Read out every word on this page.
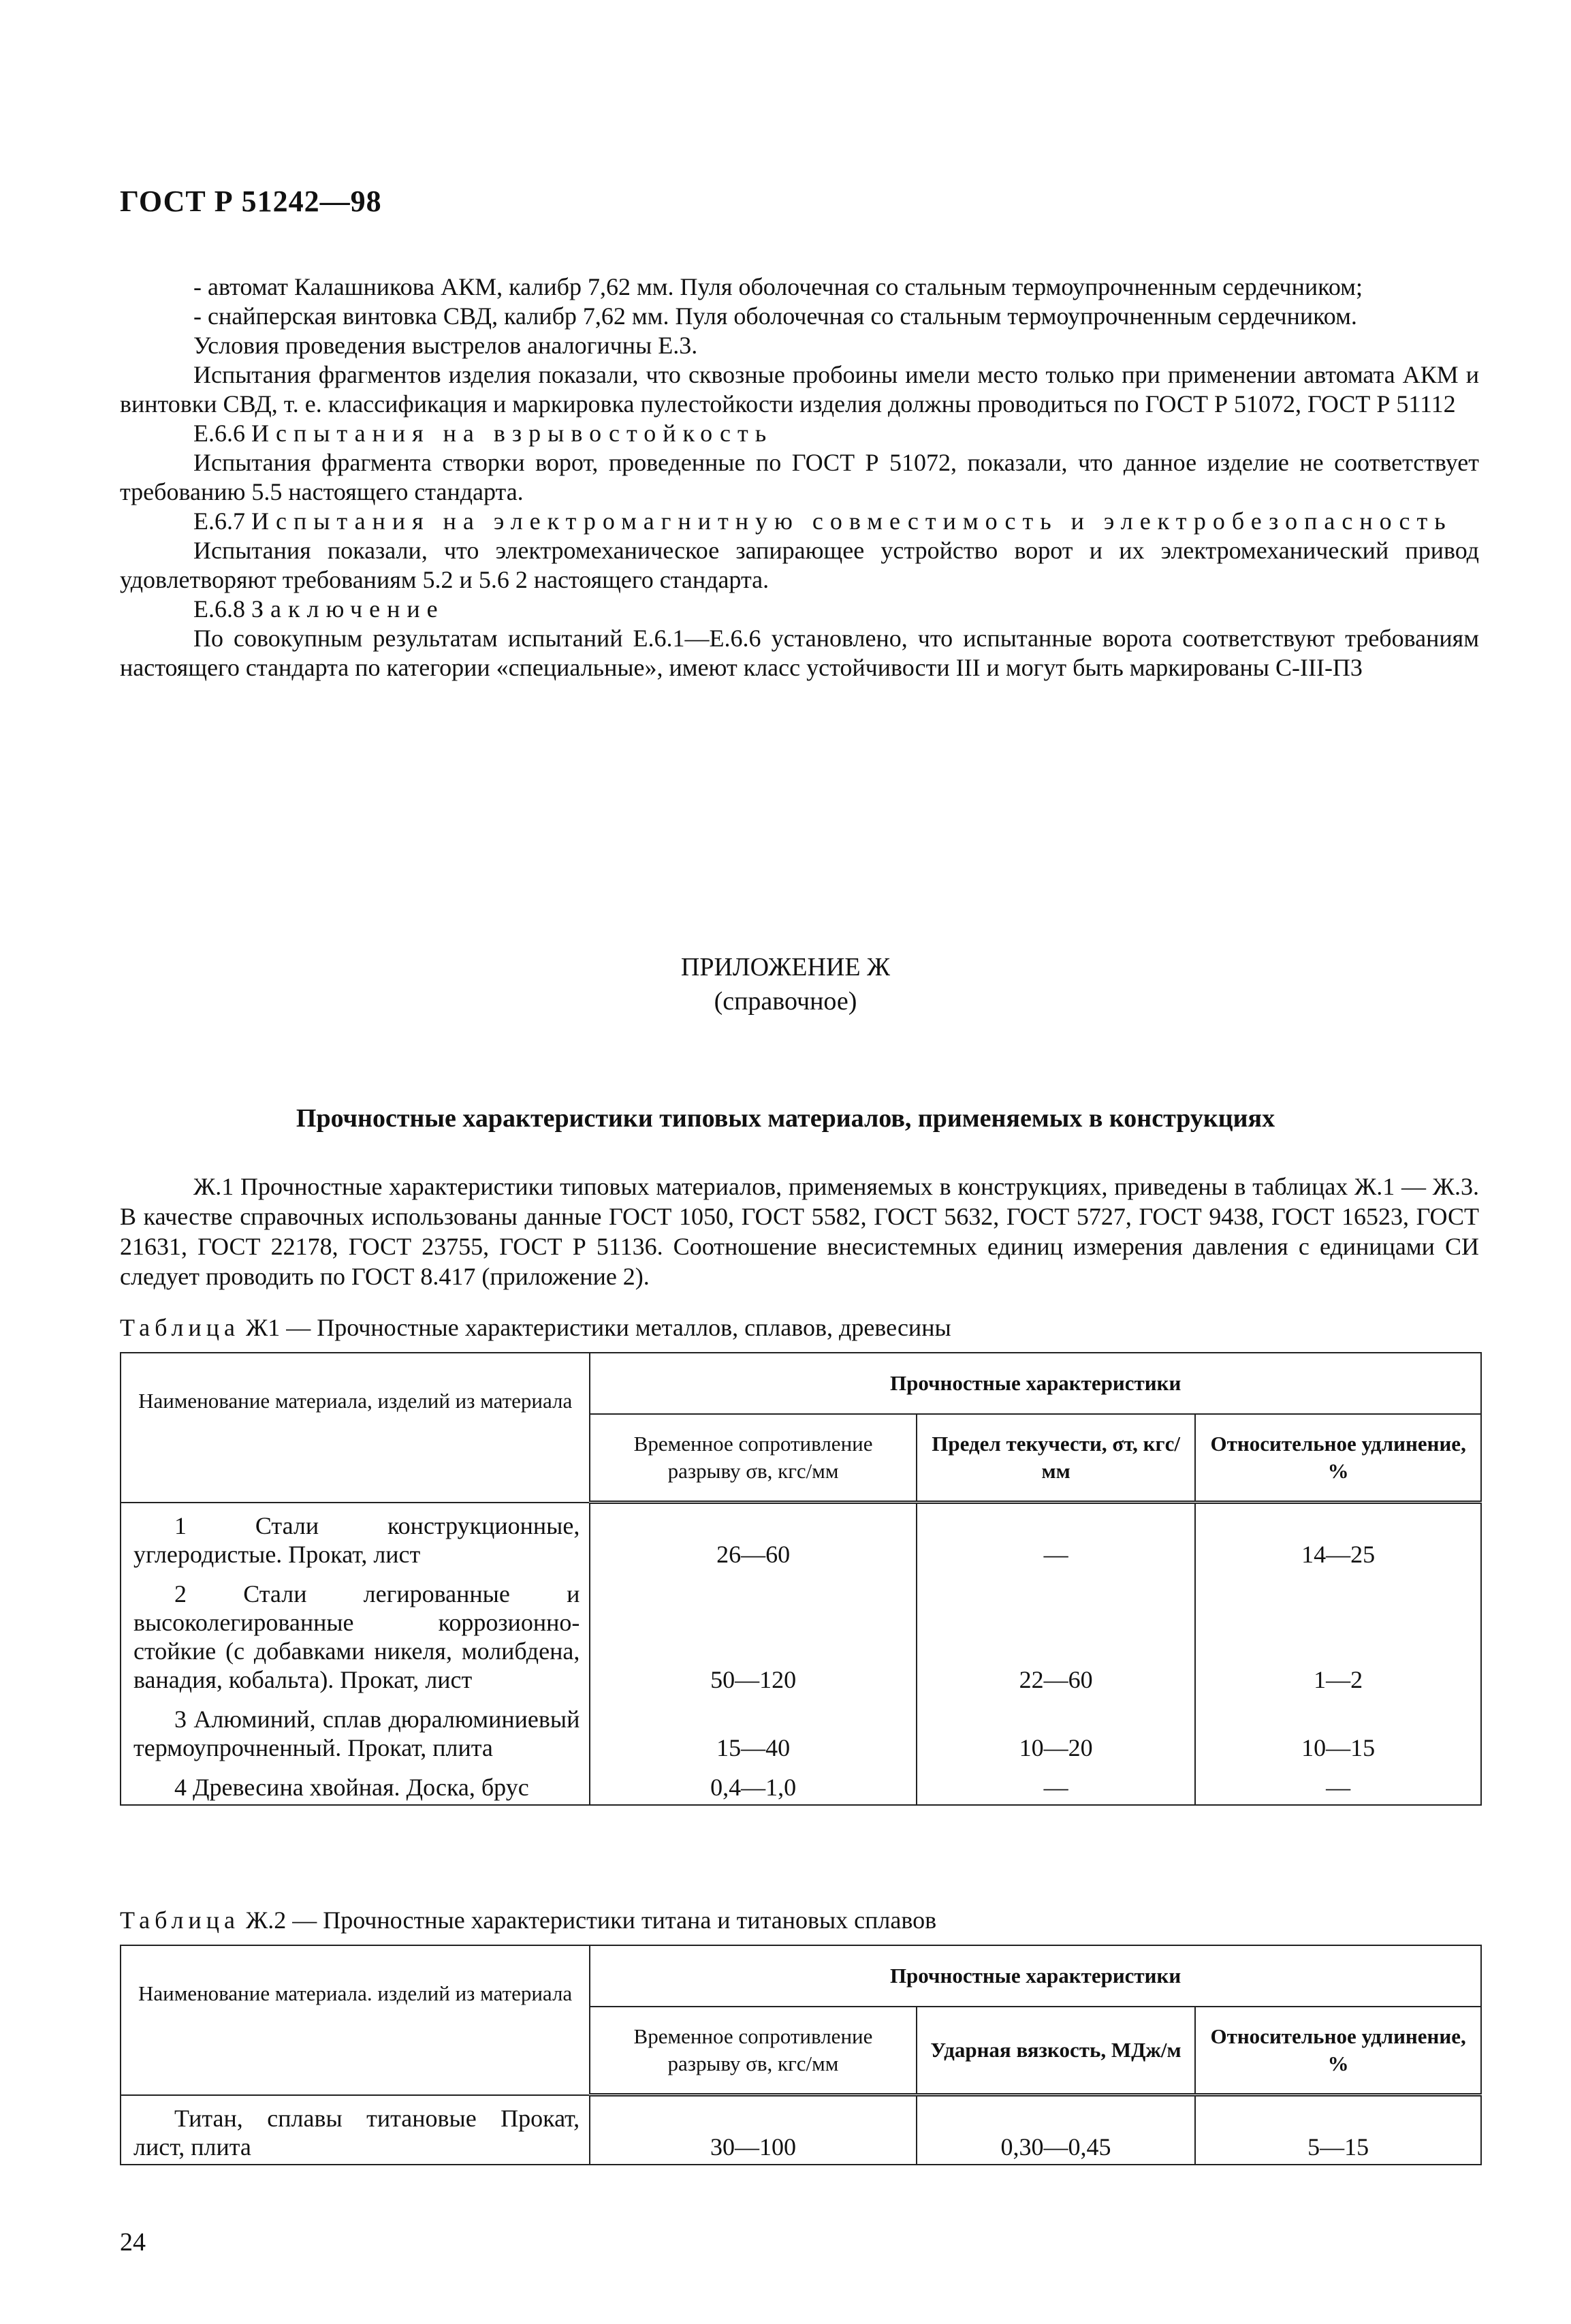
ГОСТ Р 51242—98

- автомат Калашникова АКМ, калибр 7,62 мм. Пуля оболочечная со стальным термоупрочненным сердечником;

- снайперская винтовка СВД, калибр 7,62 мм. Пуля оболочечная со стальным термоупрочненным сердечником.

Условия проведения выстрелов аналогичны Е.3.

Испытания фрагментов изделия показали, что сквозные пробоины имели место только при применении автомата АКМ и винтовки СВД, т. е. классификация и маркировка пулестойкости изделия должны проводиться по ГОСТ Р 51072, ГОСТ Р 51112

Е.6.6 Испытания на взрывостойкость

Испытания фрагмента створки ворот, проведенные по ГОСТ Р 51072, показали, что данное изделие не соответствует требованию 5.5 настоящего стандарта.

Е.6.7 Испытания на электромагнитную совместимость и электробезопасность

Испытания показали, что электромеханическое запирающее устройство ворот и их электромеханический привод удовлетворяют требованиям 5.2 и 5.6 2 настоящего стандарта.

Е.6.8 Заключение

По совокупным результатам испытаний Е.6.1—Е.6.6 установлено, что испытанные ворота соответствуют требованиям настоящего стандарта по категории «специальные», имеют класс устойчивости III и могут быть маркированы С-III-П3

ПРИЛОЖЕНИЕ Ж
(справочное)
Прочностные характеристики типовых материалов, применяемых в конструкциях

Ж.1 Прочностные характеристики типовых материалов, применяемых в конструкциях, приведены в таблицах Ж.1 — Ж.3. В качестве справочных использованы данные ГОСТ 1050, ГОСТ 5582, ГОСТ 5632, ГОСТ 5727, ГОСТ 9438, ГОСТ 16523, ГОСТ 21631, ГОСТ 22178, ГОСТ 23755, ГОСТ Р 51136. Соотношение внесистемных единиц измерения давления с единицами СИ следует проводить по ГОСТ 8.417 (приложение 2).

Таблица Ж1 — Прочностные характеристики металлов, сплавов, древесины
Наименование материала, изделий из материала	Прочностные характеристики		
	Временное сопротивление разрыву σв, кгс/мм	Предел текучести, σт, кгс/мм	Относительное удлинение, %

1 Стали конструкционные, углеродистые. Прокат, лист	26—60	—	14—25

2 Стали легированные и высоколегированные коррозионно-стойкие (с добавками никеля, молибдена, ванадия, кобальта). Прокат, лист	50—120	22—60	1—2

3 Алюминий, сплав дюралюминиевый термоупрочненный. Прокат, плита	15—40	10—20	10—15

4 Древесина хвойная. Доска, брус	0,4—1,0	—	—
Таблица Ж.2 — Прочностные характеристики титана и титановых сплавов
Наименование материала. изделий из материала	Прочностные характеристики		
	Временное сопротивление разрыву σв, кгс/мм	Ударная вязкость, МДж/м	Относительное удлинение, %

Титан, сплавы титановые Прокат, лист, плита	30—100	0,30—0,45	5—15
24
